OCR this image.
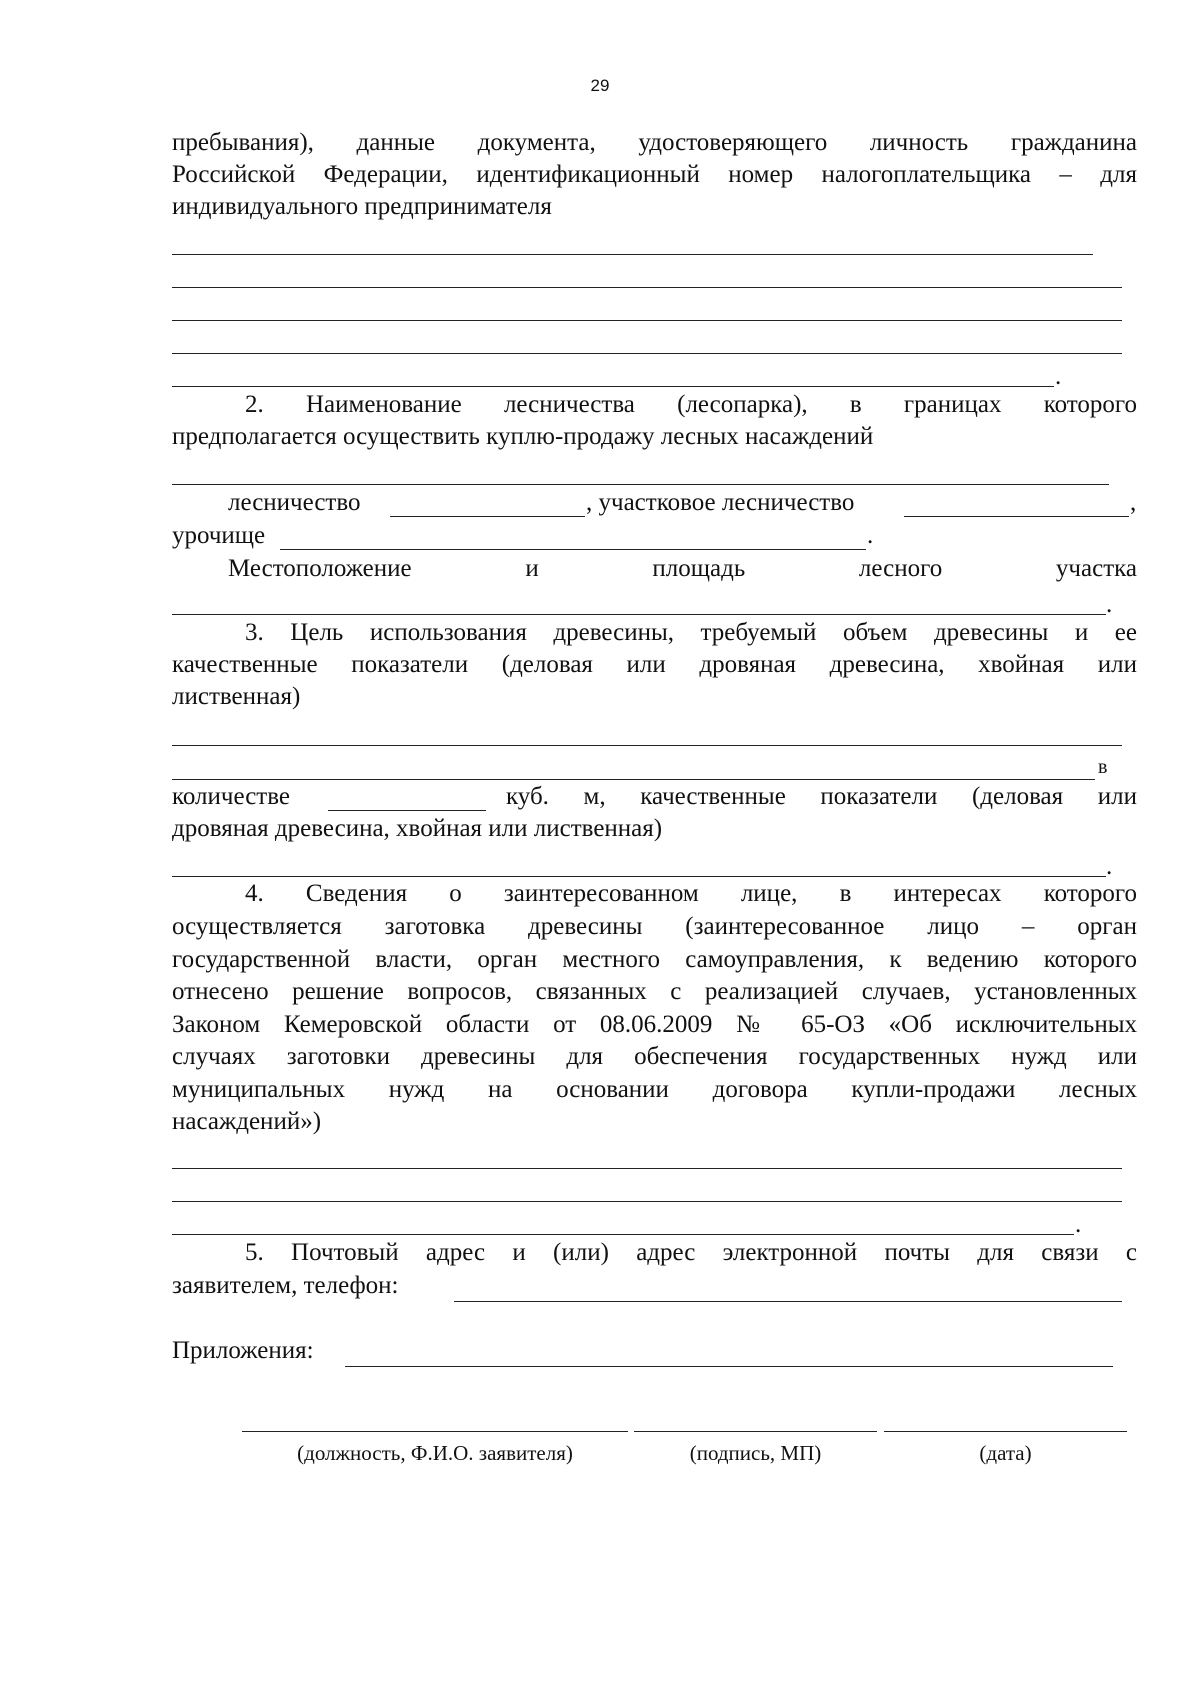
29
пребывания), данные документа, удостоверяющего личность гражданина
Российской Федерации, идентификационный номер налогоплательщика – для
индивидуального предпринимателя
.
2. Наименование лесничества (лесопарка), в границах которого
предполагается осуществить куплю-продажу лесных насаждений
лесничество	, участковое лесничество	,
урочище	.
Местоположение и площадь лесного участка
.
3. Цель использования древесины, требуемый объем древесины и ее
качественные показатели (деловая или дровяная древесина, хвойная или
лиственная)
в
количестве	куб. м, качественные показатели (деловая или
дровяная древесина, хвойная или лиственная)
.
4. Сведения о заинтересованном лице, в интересах которого
осуществляется заготовка древесины (заинтересованное лицо – орган
государственной власти, орган местного самоуправления, к ведению которого
отнесено решение вопросов, связанных с реализацией случаев, установленных
Законом Кемеровской области от 08.06.2009 № 65-ОЗ «Об исключительных
случаях заготовки древесины для обеспечения государственных нужд или
муниципальных нужд на основании договора купли-продажи лесных
насаждений»)
.
5. Почтовый адрес и (или) адрес электронной почты для связи с
заявителем, телефон:
Приложения:
(должность, Ф.И.О. заявителя)	(подпись, МП)	(дата)
